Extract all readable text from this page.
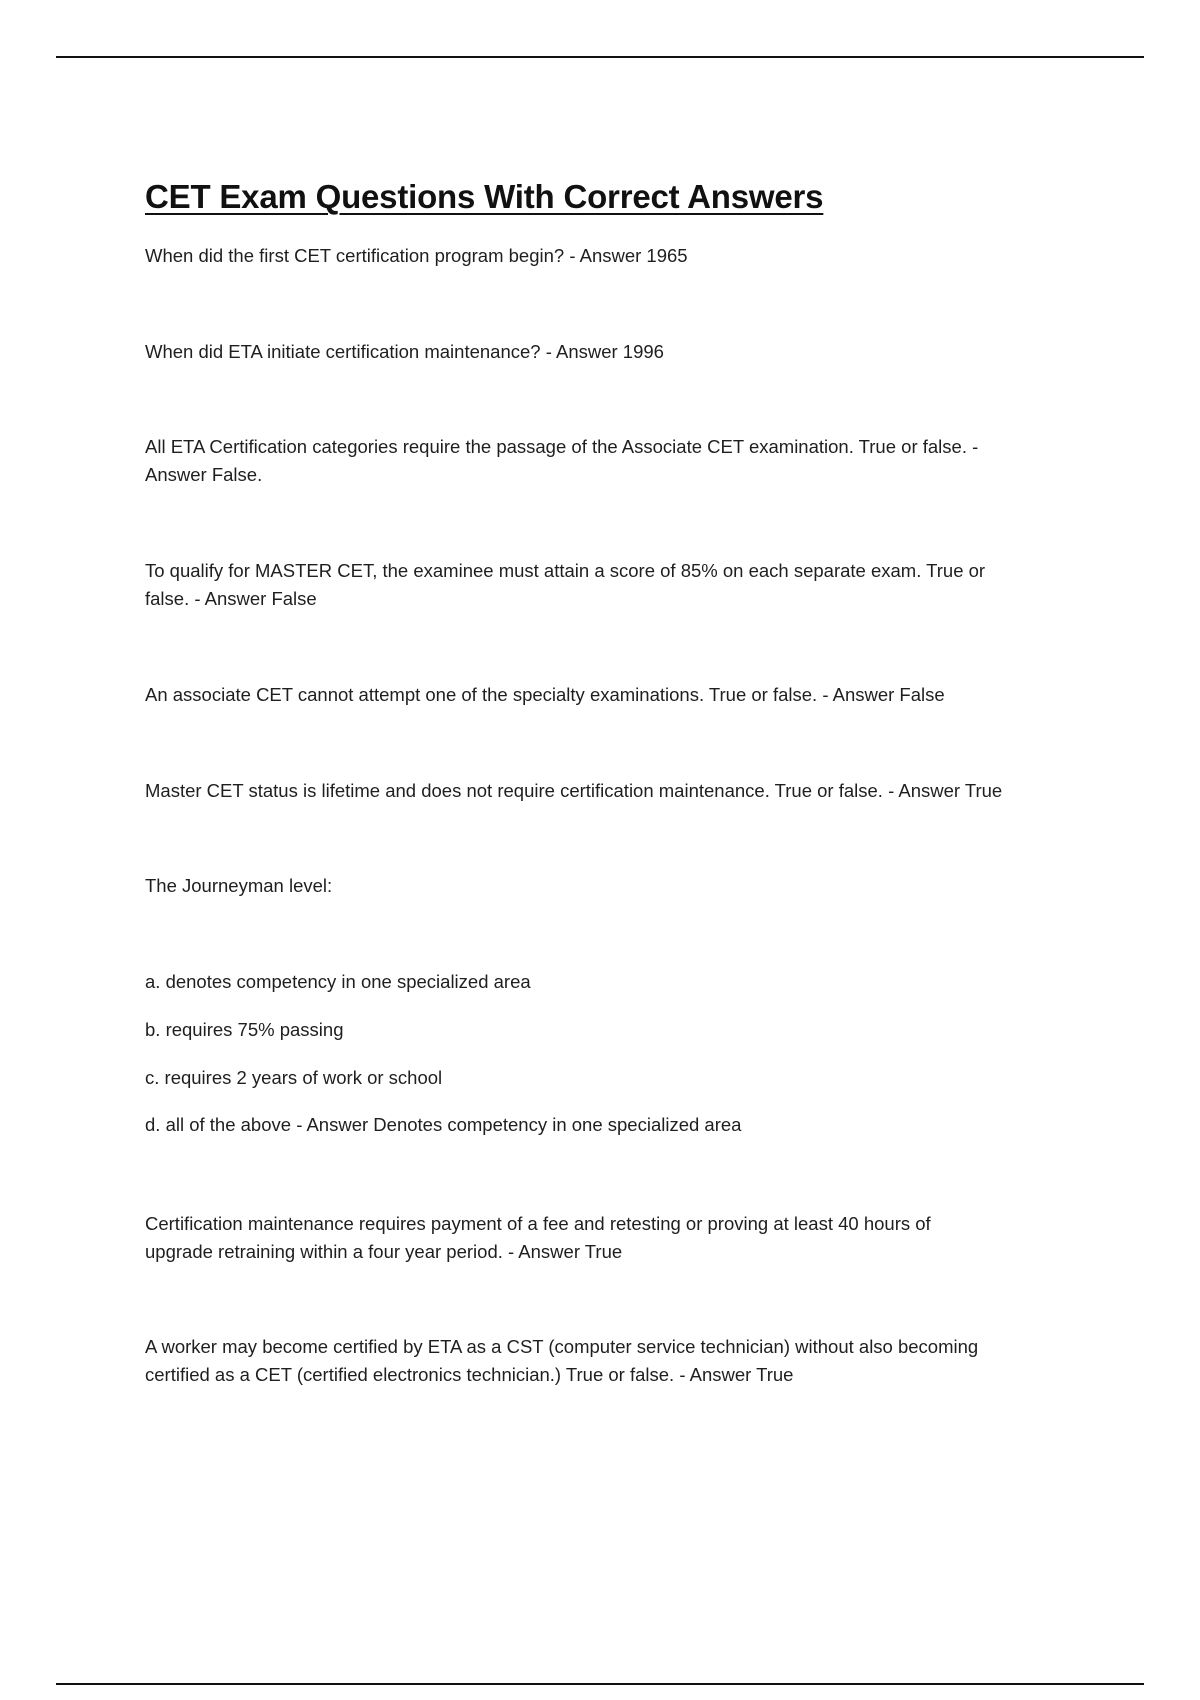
CET Exam Questions With Correct Answers

When did the first CET certification program begin? - Answer 1965

When did ETA initiate certification maintenance? - Answer 1996

All ETA Certification categories require the passage of the Associate CET examination. True or false. -

Answer False.

To qualify for MASTER CET, the examinee must attain a score of 85% on each separate exam. True or

false. - Answer False

An associate CET cannot attempt one of the specialty examinations. True or false. - Answer False

Master CET status is lifetime and does not require certification maintenance. True or false. - Answer True

The Journeyman level:

a. denotes competency in one specialized area

b. requires 75% passing

c. requires 2 years of work or school

d. all of the above - Answer Denotes competency in one specialized area

Certification maintenance requires payment of a fee and retesting or proving at least 40 hours of

upgrade retraining within a four year period. - Answer True

A worker may become certified by ETA as a CST (computer service technician) without also becoming

certified as a CET (certified electronics technician.) True or false. - Answer True
